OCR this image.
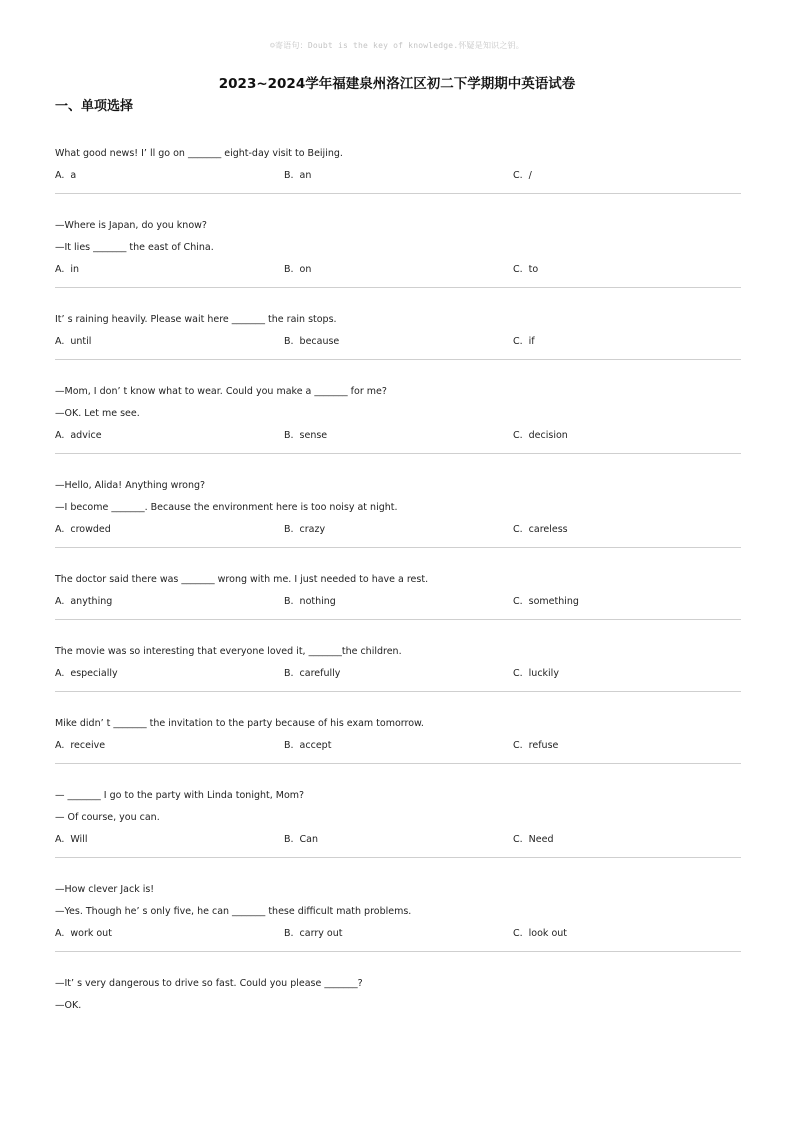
☺寄语句：Doubt is the key of knowledge.怀疑是知识之钥。
2023~2024学年福建泉州洛江区初二下学期期中英语试卷
一、单项选择
What good news! I’ ll go on _______ eight-day visit to Beijing.
A. a	B. an	C. /
—Where is Japan, do you know?
—It lies _______ the east of China.
A. in	B. on	C. to
It’ s raining heavily. Please wait here _______ the rain stops.
A. until	B. because	C. if
—Mom, I don’ t know what to wear. Could you make a _______ for me?
—OK. Let me see.
A. advice	B. sense	C. decision
—Hello, Alida! Anything wrong?
—I become _______. Because the environment here is too noisy at night.
A. crowded	B. crazy	C. careless
The doctor said there was _______ wrong with me. I just needed to have a rest.
A. anything	B. nothing	C. something
The movie was so interesting that everyone loved it, _______the children.
A. especially	B. carefully	C. luckily
Mike didn’ t _______ the invitation to the party because of his exam tomorrow.
A. receive	B. accept	C. refuse
— _______ I go to the party with Linda tonight, Mom?
— Of course, you can.
A. Will	B. Can	C. Need
—How clever Jack is!
—Yes. Though he’ s only five, he can _______ these difficult math problems.
A. work out	B. carry out	C. look out
—It’ s very dangerous to drive so fast. Could you please _______?
—OK.
